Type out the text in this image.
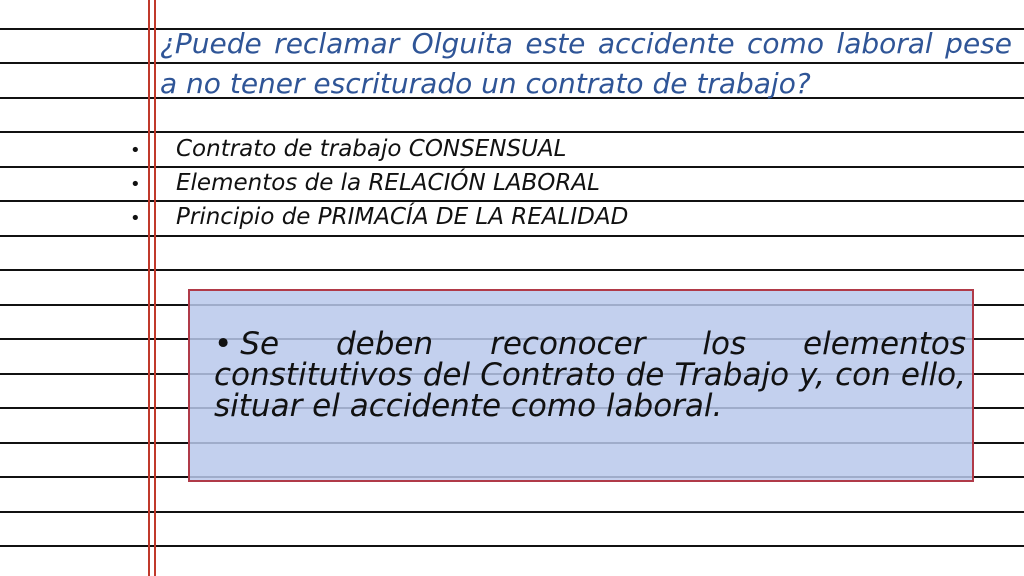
¿Puede reclamar Olguita este accidente como laboral pese a no tener escriturado un contrato de trabajo?
• Contrato de trabajo CONSENSUAL
• Elementos de la RELACIÓN LABORAL
• Principio de PRIMACÍA DE LA REALIDAD

• Se deben reconocer los elementos constitutivos del Contrato de Trabajo y, con ello, situar el accidente como laboral.
